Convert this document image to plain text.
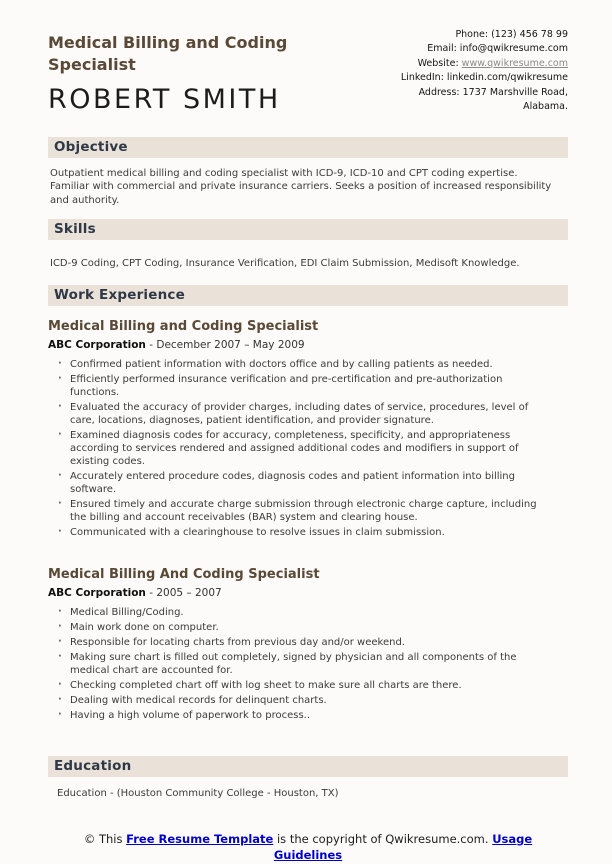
Medical Billing and Coding Specialist
ROBERT SMITH
Phone: (123) 456 78 99
Email: info@qwikresume.com
Website: www.qwikresume.com
LinkedIn: linkedin.com/qwikresume
Address: 1737 Marshville Road, Alabama.
Objective

Outpatient medical billing and coding specialist with ICD-9, ICD-10 and CPT coding expertise. Familiar with commercial and private insurance carriers. Seeks a position of increased responsibility and authority.

Skills

ICD-9 Coding, CPT Coding, Insurance Verification, EDI Claim Submission, Medisoft Knowledge.

Work Experience
Medical Billing and Coding Specialist
ABC Corporation - December 2007 – May 2009
· Confirmed patient information with doctors office and by calling patients as needed.
· Efficiently performed insurance verification and pre-certification and pre-authorization functions.
· Evaluated the accuracy of provider charges, including dates of service, procedures, level of care, locations, diagnoses, patient identification, and provider signature.
· Examined diagnosis codes for accuracy, completeness, specificity, and appropriateness according to services rendered and assigned additional codes and modifiers in support of existing codes.
· Accurately entered procedure codes, diagnosis codes and patient information into billing software.
· Ensured timely and accurate charge submission through electronic charge capture, including the billing and account receivables (BAR) system and clearing house.
· Communicated with a clearinghouse to resolve issues in claim submission.
Medical Billing And Coding Specialist
ABC Corporation - 2005 – 2007
· Medical Billing/Coding.
· Main work done on computer.
· Responsible for locating charts from previous day and/or weekend.
· Making sure chart is filled out completely, signed by physician and all components of the medical chart are accounted for.
· Checking completed chart off with log sheet to make sure all charts are there.
· Dealing with medical records for delinquent charts.
· Having a high volume of paperwork to process..
Education

Education - (Houston Community College - Houston, TX)

© This Free Resume Template is the copyright of Qwikresume.com. Usage Guidelines
